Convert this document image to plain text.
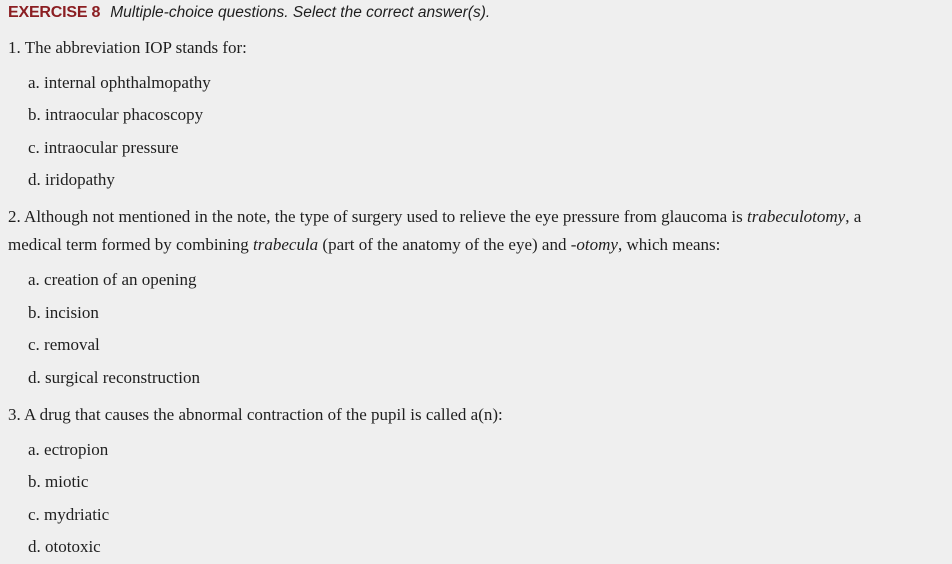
EXERCISE 8 Multiple-choice questions. Select the correct answer(s).
1. The abbreviation IOP stands for:
a. internal ophthalmopathy
b. intraocular phacoscopy
c. intraocular pressure
d. iridopathy
2. Although not mentioned in the note, the type of surgery used to relieve the eye pressure from glaucoma is trabeculotomy, a
medical term formed by combining trabecula (part of the anatomy of the eye) and -otomy, which means:
a. creation of an opening
b. incision
c. removal
d. surgical reconstruction
3. A drug that causes the abnormal contraction of the pupil is called a(n):
a. ectropion
b. miotic
c. mydriatic
d. ototoxic
